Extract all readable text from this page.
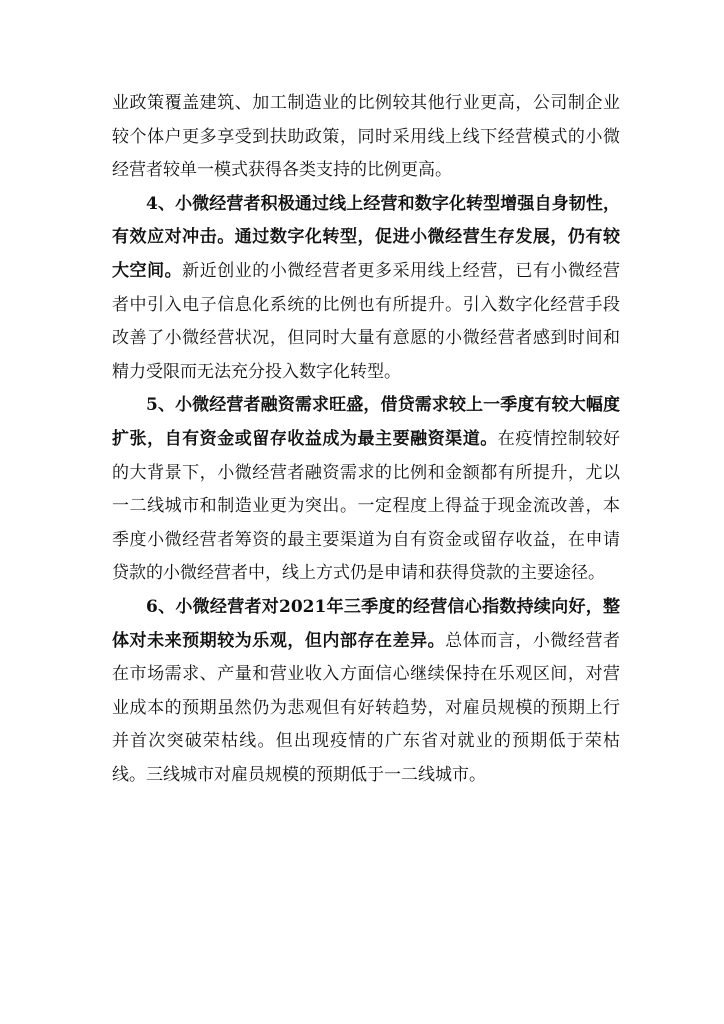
业政策覆盖建筑、加工制造业的比例较其他行业更高，公司制企业较个体户更多享受到扶助政策，同时采用线上线下经营模式的小微经营者较单一模式获得各类支持的比例更高。

4、小微经营者积极通过线上经营和数字化转型增强自身韧性，有效应对冲击。通过数字化转型，促进小微经营生存发展，仍有较大空间。新近创业的小微经营者更多采用线上经营，已有小微经营者中引入电子信息化系统的比例也有所提升。引入数字化经营手段改善了小微经营状况，但同时大量有意愿的小微经营者感到时间和精力受限而无法充分投入数字化转型。

5、小微经营者融资需求旺盛，借贷需求较上一季度有较大幅度扩张，自有资金或留存收益成为最主要融资渠道。在疫情控制较好的大背景下，小微经营者融资需求的比例和金额都有所提升，尤以一二线城市和制造业更为突出。一定程度上得益于现金流改善，本季度小微经营者筹资的最主要渠道为自有资金或留存收益，在申请贷款的小微经营者中，线上方式仍是申请和获得贷款的主要途径。

6、小微经营者对2021年三季度的经营信心指数持续向好，整体对未来预期较为乐观，但内部存在差异。总体而言，小微经营者在市场需求、产量和营业收入方面信心继续保持在乐观区间，对营业成本的预期虽然仍为悲观但有好转趋势，对雇员规模的预期上行并首次突破荣枯线。但出现疫情的广东省对就业的预期低于荣枯线。三线城市对雇员规模的预期低于一二线城市。
